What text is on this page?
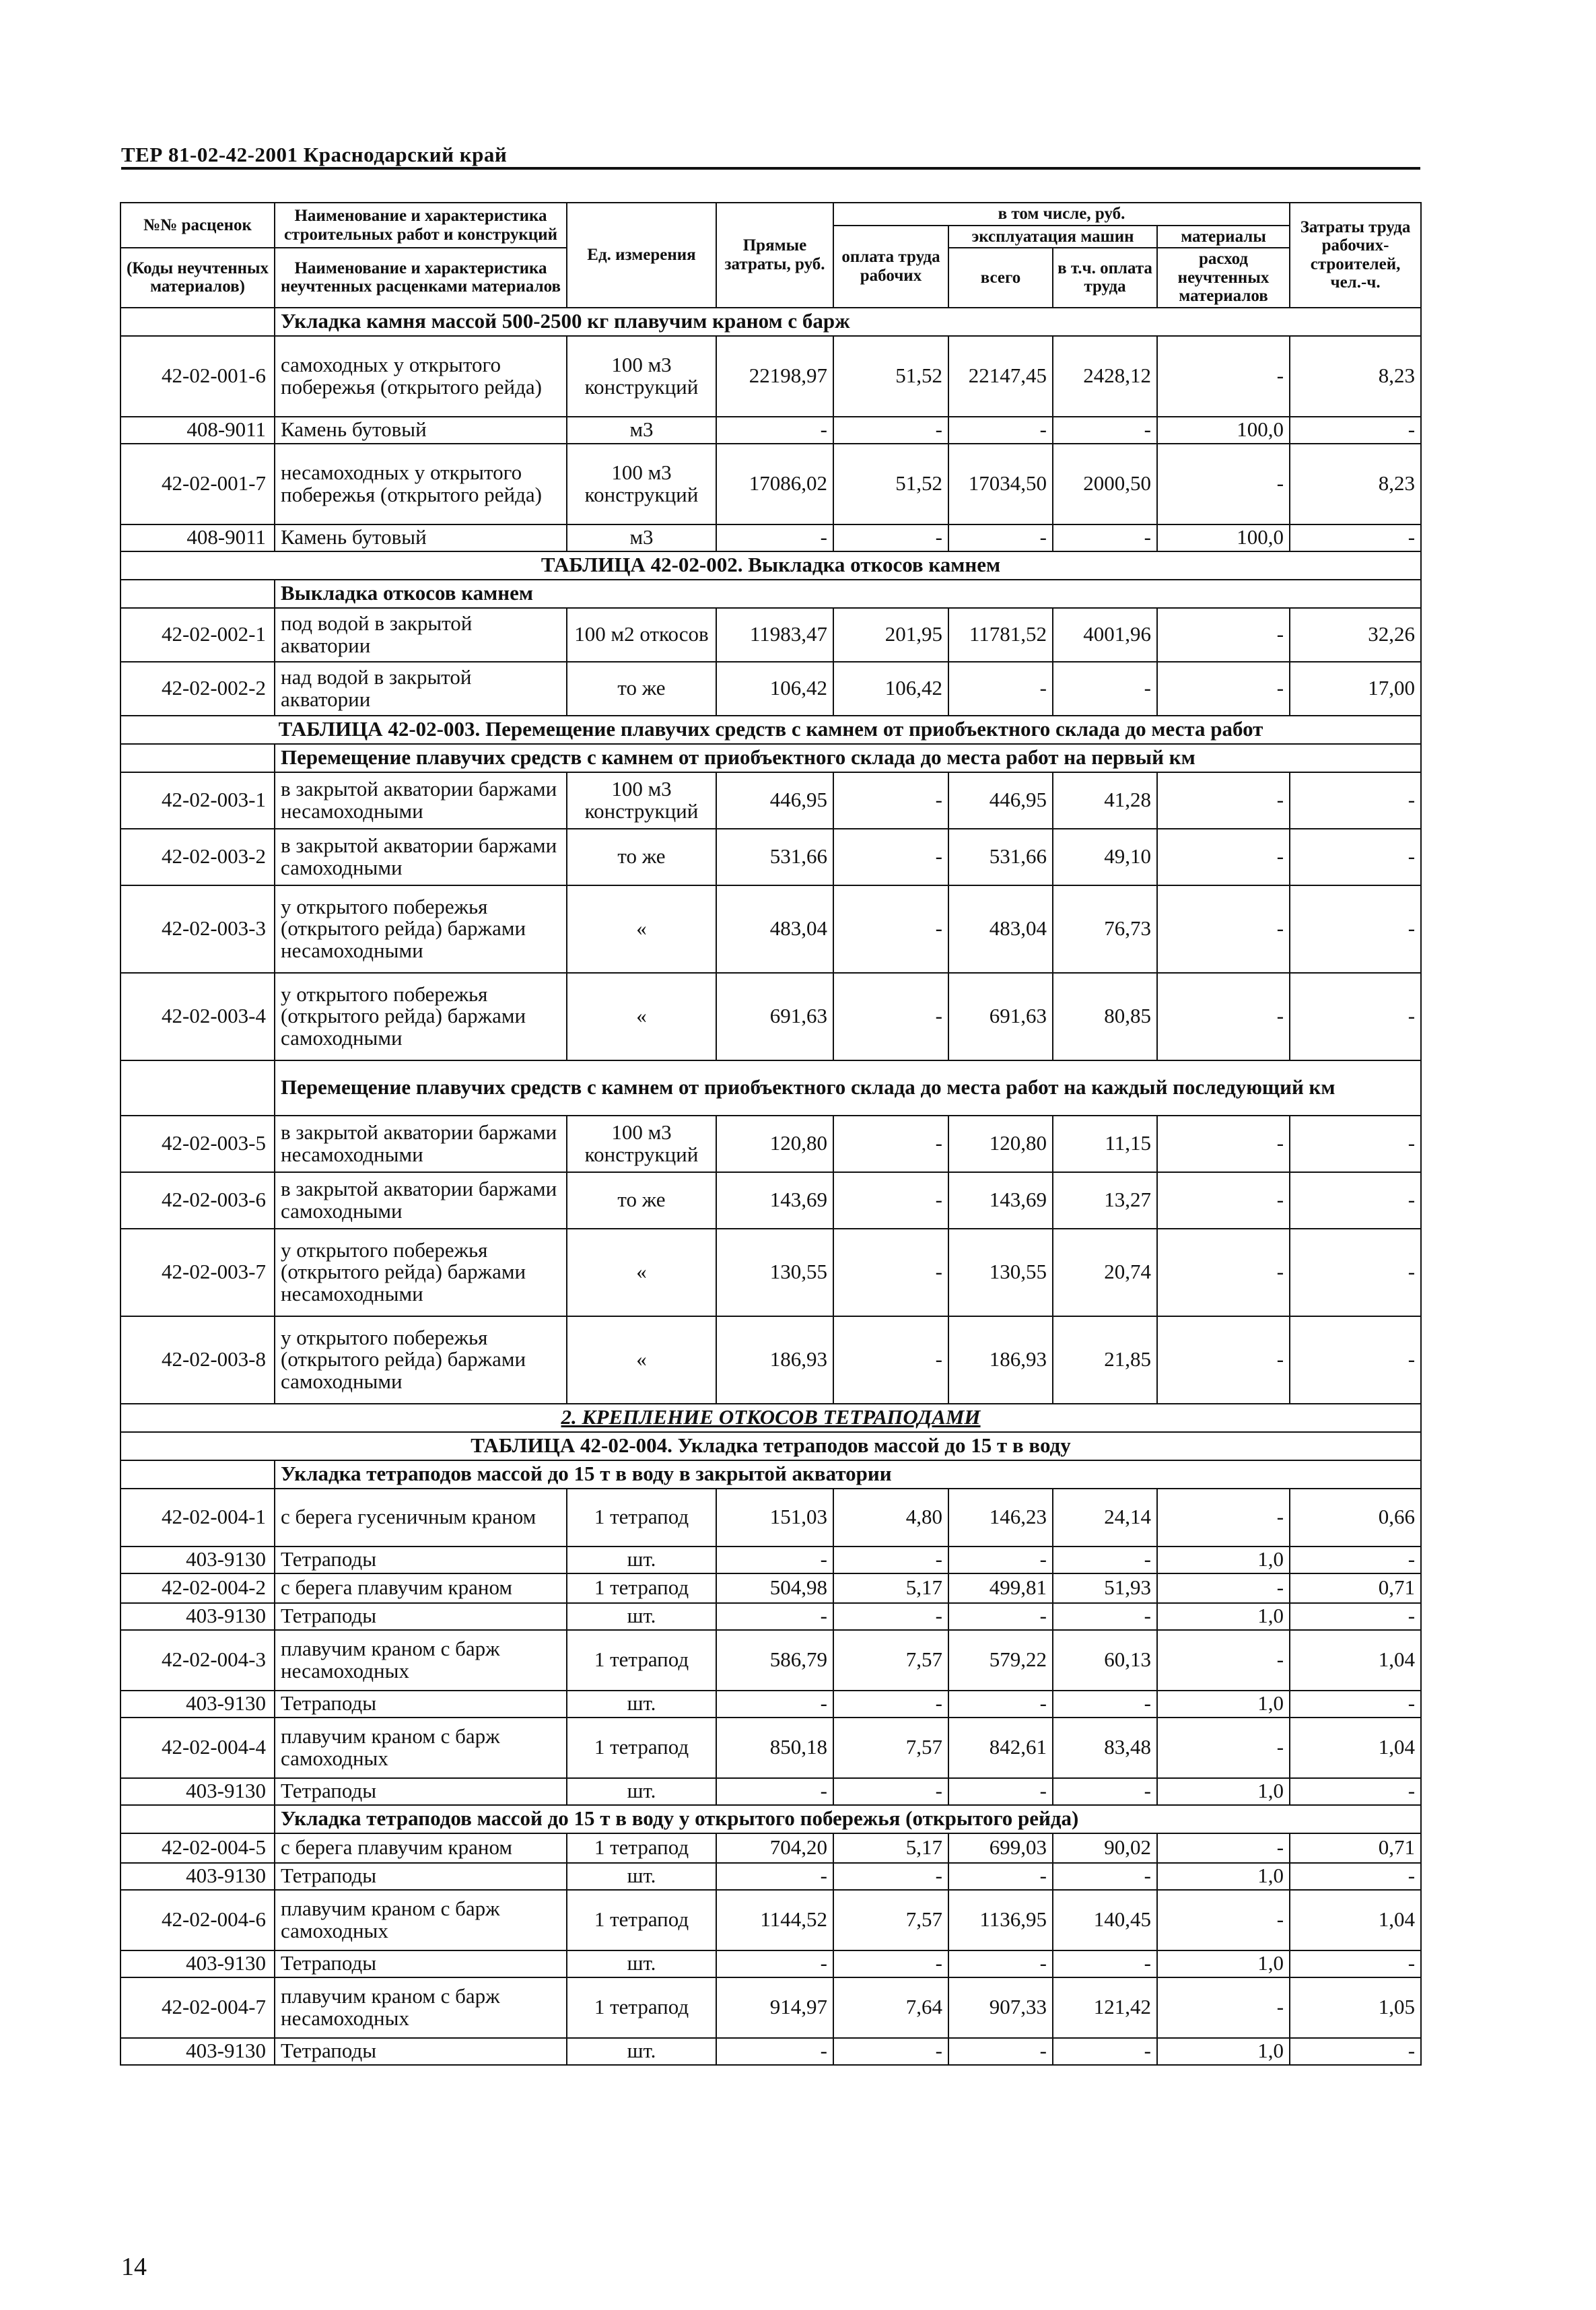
ТЕР 81-02-42-2001 Краснодарский край
№№ расценок	Наименование и характеристика строительных работ и конструкций	Ед. измерения	Прямые затраты, руб.	в том числе, руб.				Затраты труда рабочих-строителей, чел.-ч.
				оплата труда рабочих	эксплуатация машин		материалы	
(Коды неучтенных материалов)	Наименование и характеристика неучтенных расценками материалов				всего	в т.ч. оплата труда	расход неучтенных материалов	

	Укладка камня массой 500-2500 кг плавучим краном с барж							
42-02-001-6	самоходных у открытого побережья (открытого рейда)	100 м3 конструкций	22198,97	51,52	22147,45	2428,12	-	8,23
408-9011	Камень бутовый	м3	-	-	-	-	100,0	-
42-02-001-7	несамоходных у открытого побережья (открытого рейда)	100 м3 конструкций	17086,02	51,52	17034,50	2000,50	-	8,23
408-9011	Камень бутовый	м3	-	-	-	-	100,0	-
ТАБЛИЦА 42-02-002. Выкладка откосов камнем								
	Выкладка откосов камнем							
42-02-002-1	под водой в закрытой акватории	100 м2 откосов	11983,47	201,95	11781,52	4001,96	-	32,26
42-02-002-2	над водой в закрытой акватории	то же	106,42	106,42	-	-	-	17,00
ТАБЛИЦА 42-02-003. Перемещение плавучих средств с камнем от приобъектного склада до места работ								
	Перемещение плавучих средств с камнем от приобъектного склада до места работ на первый км							
42-02-003-1	в закрытой акватории баржами несамоходными	100 м3 конструкций	446,95	-	446,95	41,28	-	-
42-02-003-2	в закрытой акватории баржами самоходными	то же	531,66	-	531,66	49,10	-	-
42-02-003-3	у открытого побережья (открытого рейда) баржами несамоходными	«	483,04	-	483,04	76,73	-	-
42-02-003-4	у открытого побережья (открытого рейда) баржами самоходными	«	691,63	-	691,63	80,85	-	-
	Перемещение плавучих средств с камнем от приобъектного склада до места работ на каждый последующий км							
42-02-003-5	в закрытой акватории баржами несамоходными	100 м3 конструкций	120,80	-	120,80	11,15	-	-
42-02-003-6	в закрытой акватории баржами самоходными	то же	143,69	-	143,69	13,27	-	-
42-02-003-7	у открытого побережья (открытого рейда) баржами несамоходными	«	130,55	-	130,55	20,74	-	-
42-02-003-8	у открытого побережья (открытого рейда) баржами самоходными	«	186,93	-	186,93	21,85	-	-
2. КРЕПЛЕНИЕ ОТКОСОВ ТЕТРАПОДАМИ								
ТАБЛИЦА 42-02-004. Укладка тетраподов массой до 15 т в воду								
	Укладка тетраподов массой до 15 т в воду в закрытой акватории							
42-02-004-1	с берега гусеничным краном	1 тетрапод	151,03	4,80	146,23	24,14	-	0,66
403-9130	Тетраподы	шт.	-	-	-	-	1,0	-
42-02-004-2	с берега плавучим краном	1 тетрапод	504,98	5,17	499,81	51,93	-	0,71
403-9130	Тетраподы	шт.	-	-	-	-	1,0	-
42-02-004-3	плавучим краном с барж несамоходных	1 тетрапод	586,79	7,57	579,22	60,13	-	1,04
403-9130	Тетраподы	шт.	-	-	-	-	1,0	-
42-02-004-4	плавучим краном с барж самоходных	1 тетрапод	850,18	7,57	842,61	83,48	-	1,04
403-9130	Тетраподы	шт.	-	-	-	-	1,0	-
	Укладка тетраподов массой до 15 т в воду у открытого побережья (открытого рейда)							
42-02-004-5	с берега плавучим краном	1 тетрапод	704,20	5,17	699,03	90,02	-	0,71
403-9130	Тетраподы	шт.	-	-	-	-	1,0	-
42-02-004-6	плавучим краном с барж самоходных	1 тетрапод	1144,52	7,57	1136,95	140,45	-	1,04
403-9130	Тетраподы	шт.	-	-	-	-	1,0	-
42-02-004-7	плавучим краном с барж несамоходных	1 тетрапод	914,97	7,64	907,33	121,42	-	1,05
403-9130	Тетраподы	шт.	-	-	-	-	1,0	-
14
